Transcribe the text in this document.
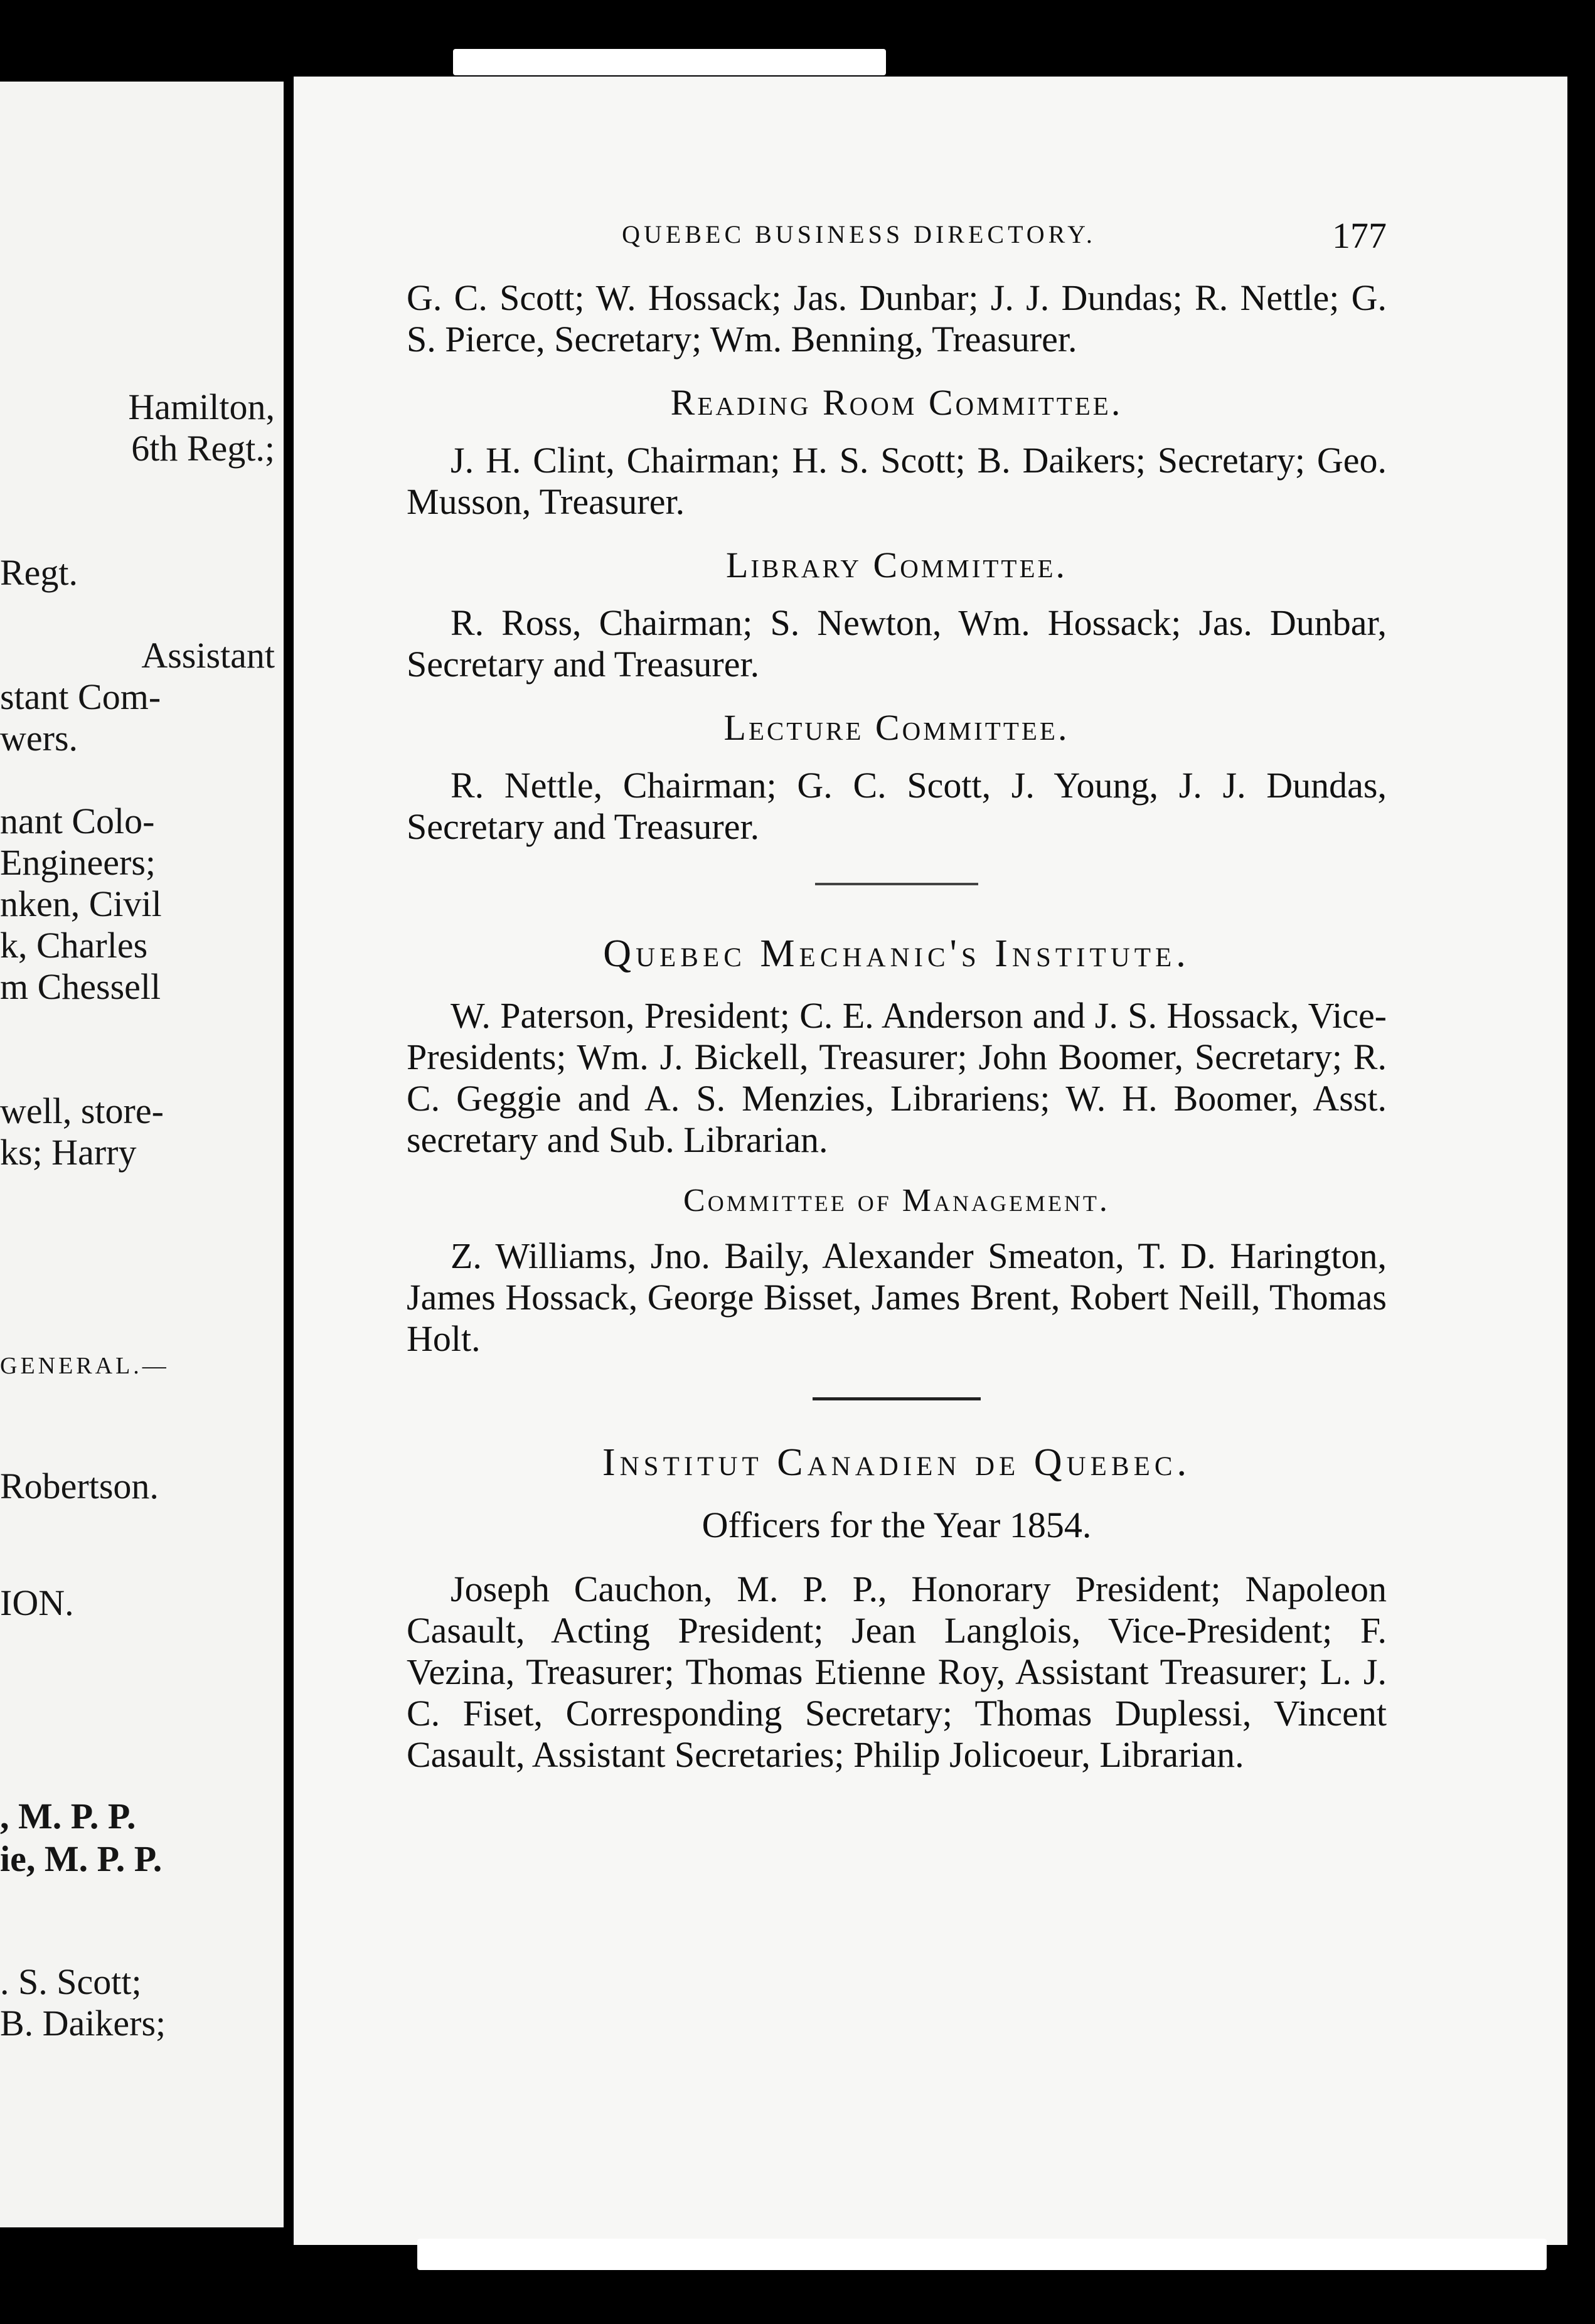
Hamilton,
6th Regt.;
Regt.
Assistant
stant Com-
wers.
nant Colo-
Engineers;
nken, Civil
k, Charles
m Chessell
well, store-
ks; Harry
GENERAL.—
Robertson.
ION.
, M. P. P.
ie, M. P. P.
. S. Scott;
B. Daikers;
QUEBEC BUSINESS DIRECTORY.	177

G. C. Scott; W. Hossack; Jas. Dunbar; J. J. Dundas; R. Nettle; G. S. Pierce, Secretary; Wm. Benning, Treasurer.

Reading Room Committee.

J. H. Clint, Chairman; H. S. Scott; B. Daikers; Secretary; Geo. Musson, Treasurer.

Library Committee.

R. Ross, Chairman; S. Newton, Wm. Hossack; Jas. Dunbar, Secretary and Treasurer.

Lecture Committee.

R. Nettle, Chairman; G. C. Scott, J. Young, J. J. Dundas, Secretary and Treasurer.

Quebec Mechanic's Institute.

W. Paterson, President; C. E. Anderson and J. S. Hossack, Vice-Presidents; Wm. J. Bickell, Treasurer; John Boomer, Secretary; R. C. Geggie and A. S. Menzies, Librariens; W. H. Boomer, Asst. secretary and Sub. Librarian.

Committee of Management.

Z. Williams, Jno. Baily, Alexander Smeaton, T. D. Harington, James Hossack, George Bisset, James Brent, Robert Neill, Thomas Holt.

Institut Canadien de Quebec.
Officers for the Year 1854.

Joseph Cauchon, M. P. P., Honorary President; Napoleon Casault, Acting President; Jean Langlois, Vice-President; F. Vezina, Treasurer; Thomas Etienne Roy, Assistant Treasurer; L. J. C. Fiset, Corresponding Secretary; Thomas Duplessi, Vincent Casault, Assistant Secretaries; Philip Jolicoeur, Librarian.
